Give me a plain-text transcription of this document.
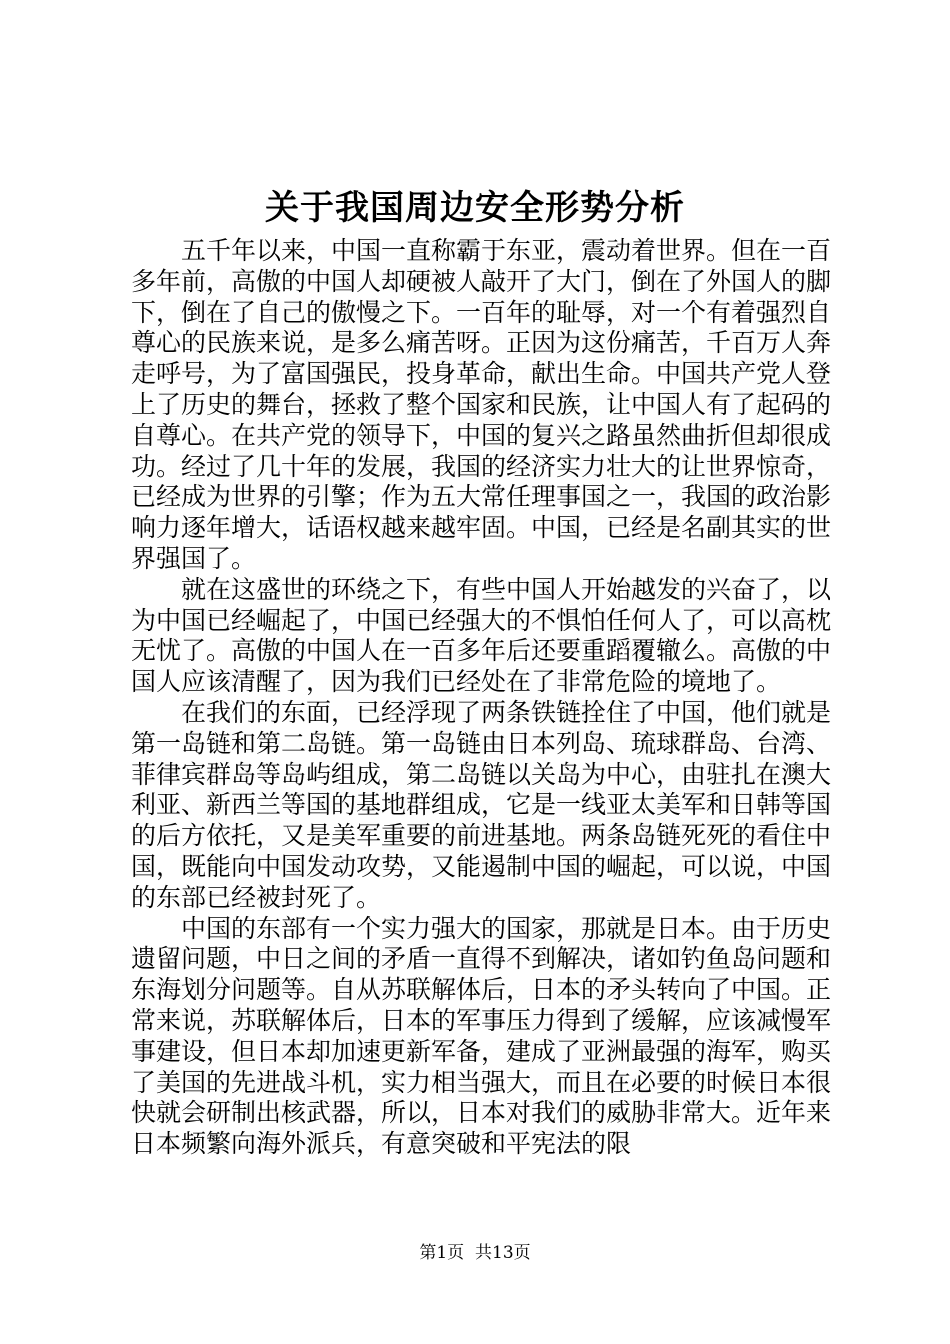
关于我国周边安全形势分析

五千年以来，中国一直称霸于东亚，震动着世界。但在一百多年前，高傲的中国人却硬被人敲开了大门，倒在了外国人的脚下，倒在了自己的傲慢之下。一百年的耻辱，对一个有着强烈自尊心的民族来说，是多么痛苦呀。正因为这份痛苦，千百万人奔走呼号，为了富国强民，投身革命，献出生命。中国共产党人登上了历史的舞台，拯救了整个国家和民族，让中国人有了起码的自尊心。在共产党的领导下，中国的复兴之路虽然曲折但却很成功。经过了几十年的发展，我国的经济实力壮大的让世界惊奇，已经成为世界的引擎；作为五大常任理事国之一，我国的政治影响力逐年增大，话语权越来越牢固。中国，已经是名副其实的世界强国了。

就在这盛世的环绕之下，有些中国人开始越发的兴奋了，以为中国已经崛起了，中国已经强大的不惧怕任何人了，可以高枕无忧了。高傲的中国人在一百多年后还要重蹈覆辙么。高傲的中国人应该清醒了，因为我们已经处在了非常危险的境地了。

在我们的东面，已经浮现了两条铁链拴住了中国，他们就是第一岛链和第二岛链。第一岛链由日本列岛、琉球群岛、台湾、菲律宾群岛等岛屿组成，第二岛链以关岛为中心，由驻扎在澳大利亚、新西兰等国的基地群组成，它是一线亚太美军和日韩等国的后方依托，又是美军重要的前进基地。两条岛链死死的看住中国，既能向中国发动攻势，又能遏制中国的崛起，可以说，中国的东部已经被封死了。

中国的东部有一个实力强大的国家，那就是日本。由于历史遗留问题，中日之间的矛盾一直得不到解决，诸如钓鱼岛问题和东海划分问题等。自从苏联解体后，日本的矛头转向了中国。正常来说，苏联解体后，日本的军事压力得到了缓解，应该减慢军事建设，但日本却加速更新军备，建成了亚洲最强的海军，购买了美国的先进战斗机，实力相当强大，而且在必要的时候日本很快就会研制出核武器，所以，日本对我们的威胁非常大。近年来日本频繁向海外派兵，有意突破和平宪法的限

第1页 共13页
